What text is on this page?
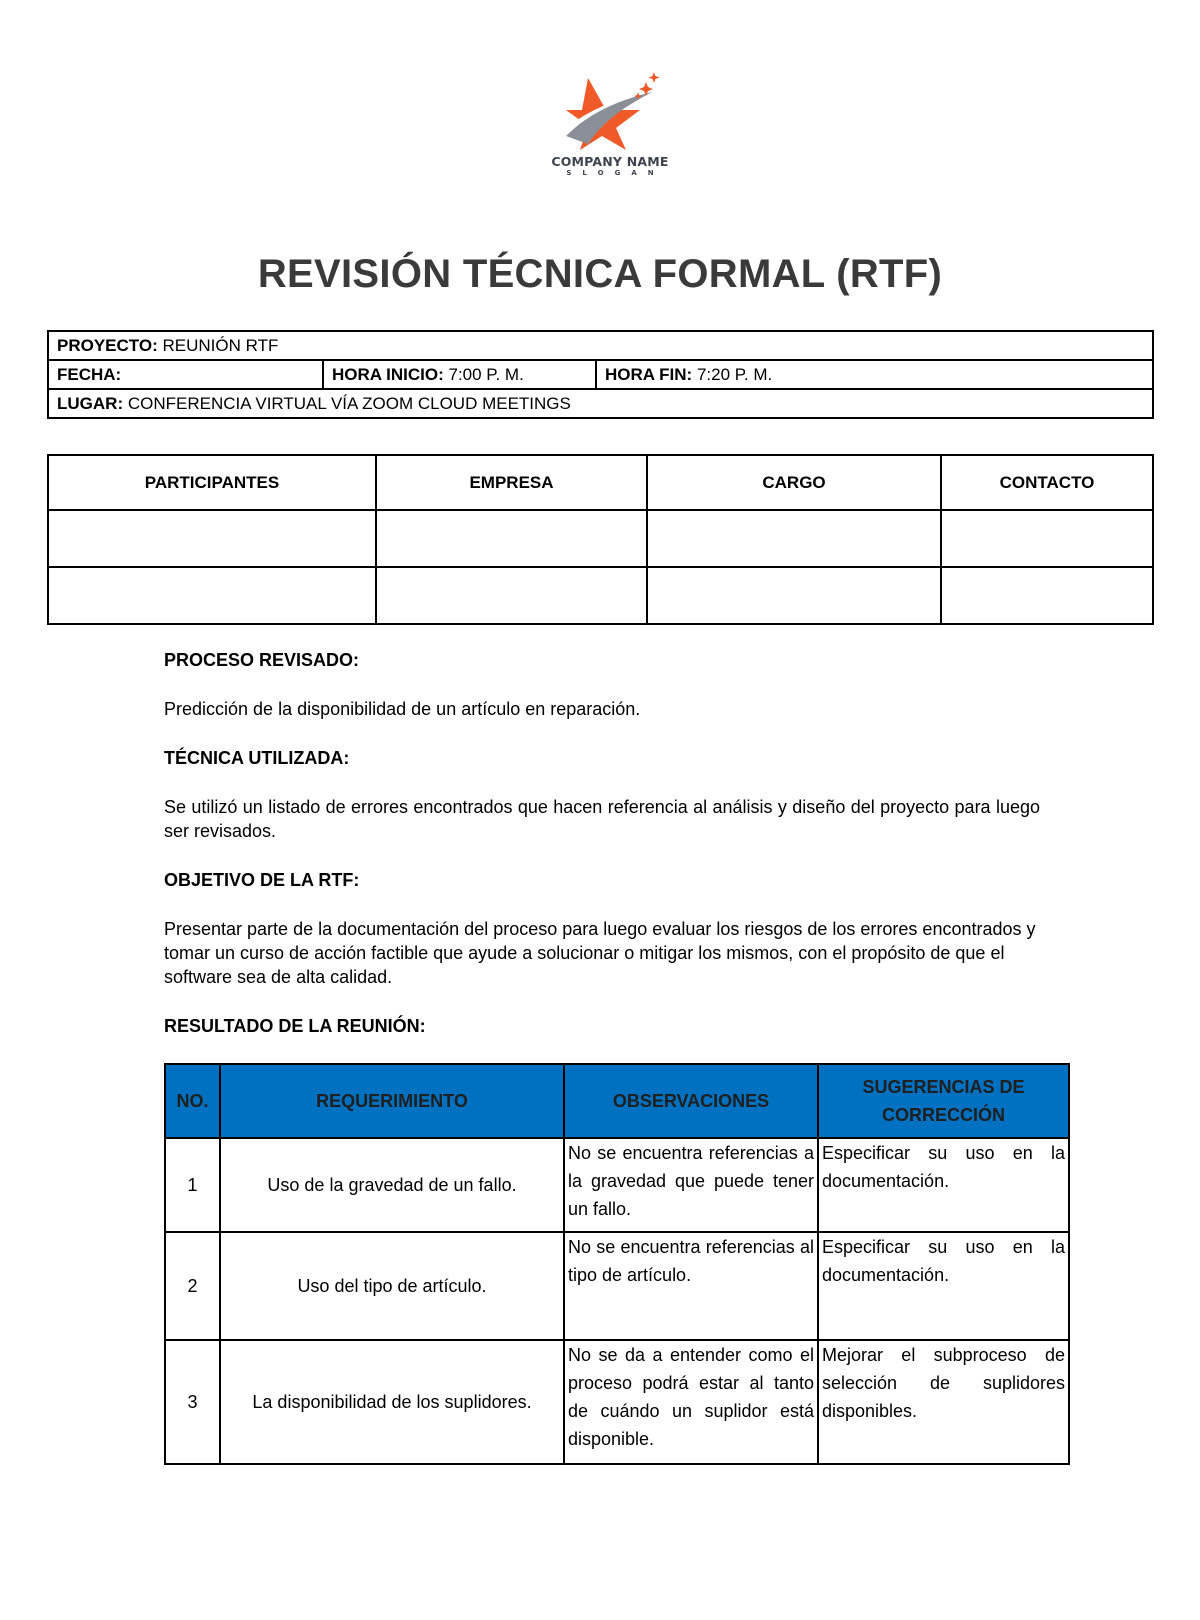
COMPANY NAME
SLOGAN
REVISIÓN TÉCNICA FORMAL (RTF)
PROYECTO: REUNIÓN RTF
FECHA:	HORA INICIO: 7:00 P. M.	HORA FIN: 7:20 P. M.
LUGAR: CONFERENCIA VIRTUAL VÍA ZOOM CLOUD MEETINGS
PARTICIPANTES	EMPRESA	CARGO	CONTACTO

PROCESO REVISADO:
Predicción de la disponibilidad de un artículo en reparación.
TÉCNICA UTILIZADA:
Se utilizó un listado de errores encontrados que hacen referencia al análisis y diseño del proyecto para luego ser revisados.
OBJETIVO DE LA RTF:
Presentar parte de la documentación del proceso para luego evaluar los riesgos de los errores encontrados y tomar un curso de acción factible que ayude a solucionar o mitigar los mismos, con el propósito de que el software sea de alta calidad.
RESULTADO DE LA REUNIÓN:
NO.	REQUERIMIENTO	OBSERVACIONES	SUGERENCIAS DE CORRECCIÓN
1	Uso de la gravedad de un fallo.	No se encuentra referencias a la gravedad que puede tener un fallo.	Especificar su uso en la documentación.
2	Uso del tipo de artículo.	No se encuentra referencias al tipo de artículo.	Especificar su uso en la documentación.
3	La disponibilidad de los suplidores.	No se da a entender como el proceso podrá estar al tanto de cuándo un suplidor está disponible.	Mejorar el subproceso de selección de suplidores disponibles.
